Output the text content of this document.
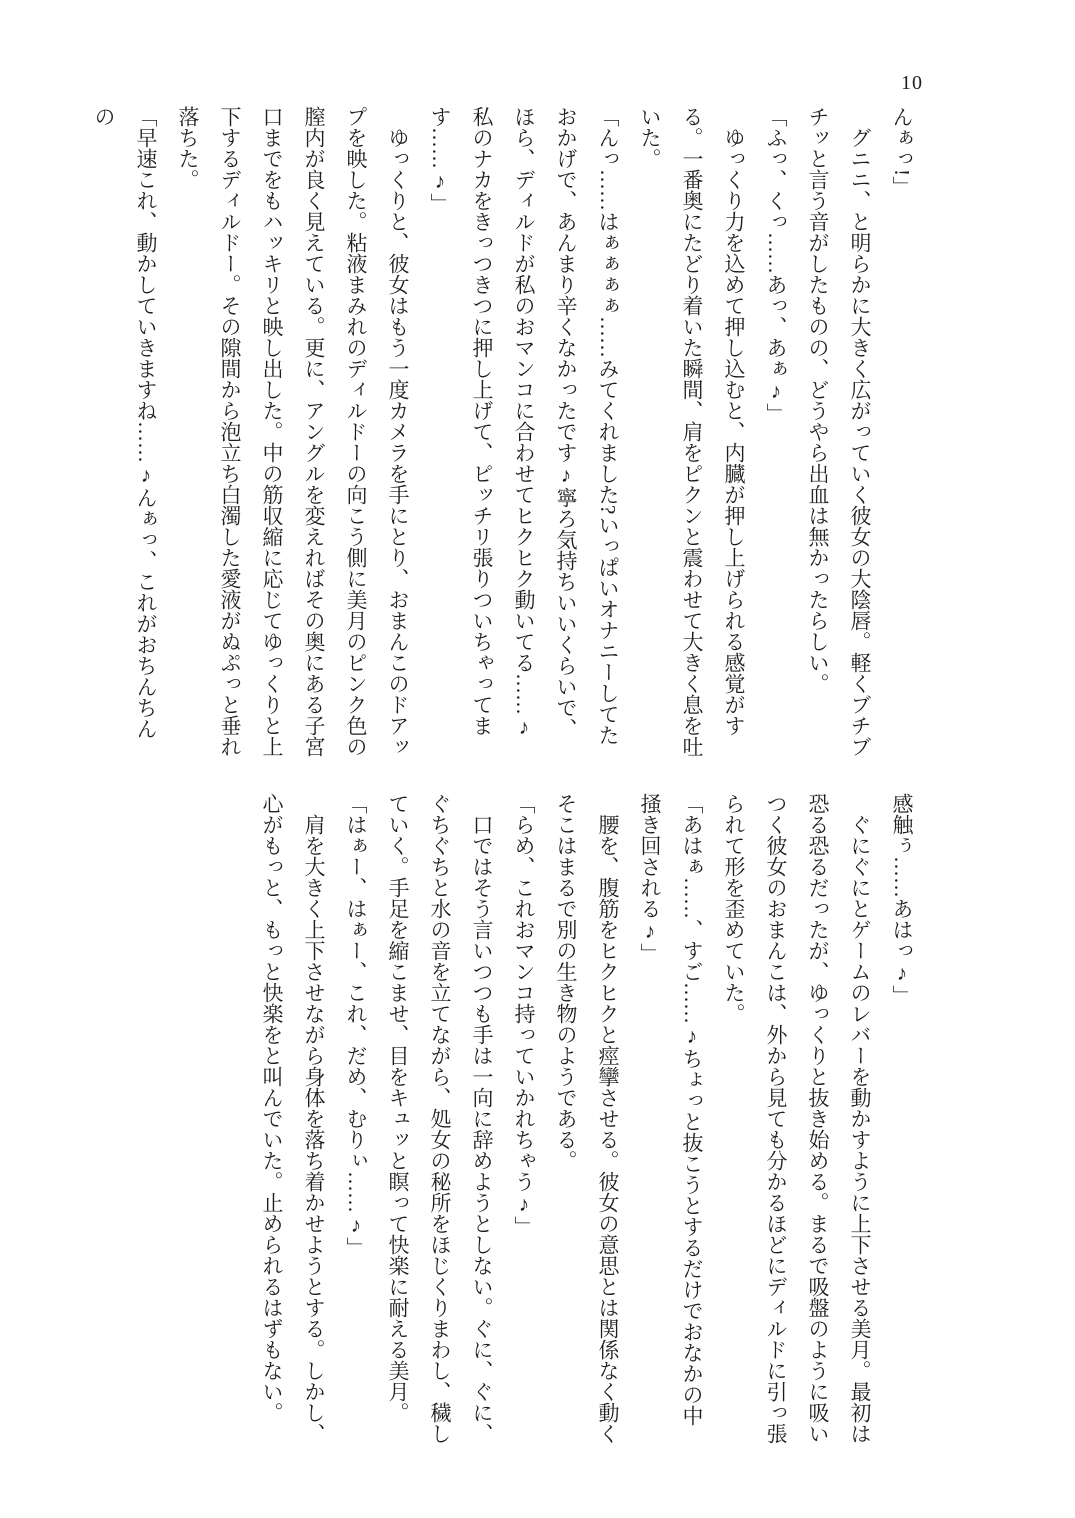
10

んぁっ!」

グニニ、と明らかに大きく広がっていく彼女の大陰唇。軽くブチブチッと言う音がしたものの、どうやら出血は無かったらしい。

「ふっ、くっ……あっ、あぁ♪」

ゆっくり力を込めて押し込むと、内臓が押し上げられる感覚がする。一番奥にたどり着いた瞬間、肩をピクンと震わせて大きく息を吐いた。

「んっ……はぁぁぁぁ……みてくれました?いっぱいオナニーしてたおかげで、あんまり辛くなかったです♪寧ろ気持ちいいくらいで、ほら、ディルドが私のおマンコに合わせてヒクヒク動いてる……♪私のナカをきっつきつに押し上げて、ピッチリ張りついちゃってます……♪」

ゆっくりと、彼女はもう一度カメラを手にとり、おまんこのドアップを映した。粘液まみれのディルドーの向こう側に美月のピンク色の膣内が良く見えている。更に、アングルを変えればその奥にある子宮口までをもハッキリと映し出した。中の筋収縮に応じてゆっくりと上下するディルドー。その隙間から泡立ち白濁した愛液がぬぷっと垂れ落ちた。

「早速これ、動かしていきますね……♪んぁっ、これがおちんちんの

感触ぅ……あはっ♪」

ぐにぐにとゲームのレバーを動かすように上下させる美月。最初は恐る恐るだったが、ゆっくりと抜き始める。まるで吸盤のように吸いつく彼女のおまんこは、外から見ても分かるほどにディルドに引っ張られて形を歪めていた。

「あはぁ……、すご……♪ちょっと抜こうとするだけでおなかの中掻き回される♪」

腰を、腹筋をヒクヒクと痙攣させる。彼女の意思とは関係なく動くそこはまるで別の生き物のようである。

「らめ、これおマンコ持っていかれちゃう♪」

口ではそう言いつつも手は一向に辞めようとしない。ぐに、ぐに、ぐちぐちと水の音を立てながら、処女の秘所をほじくりまわし、穢していく。手足を縮こませ、目をキュッと瞑って快楽に耐える美月。

「はぁー、はぁー、これ、だめ、むりぃ……♪」

肩を大きく上下させながら身体を落ち着かせようとする。しかし、心がもっと、もっと快楽をと叫んでいた。止められるはずもない。
